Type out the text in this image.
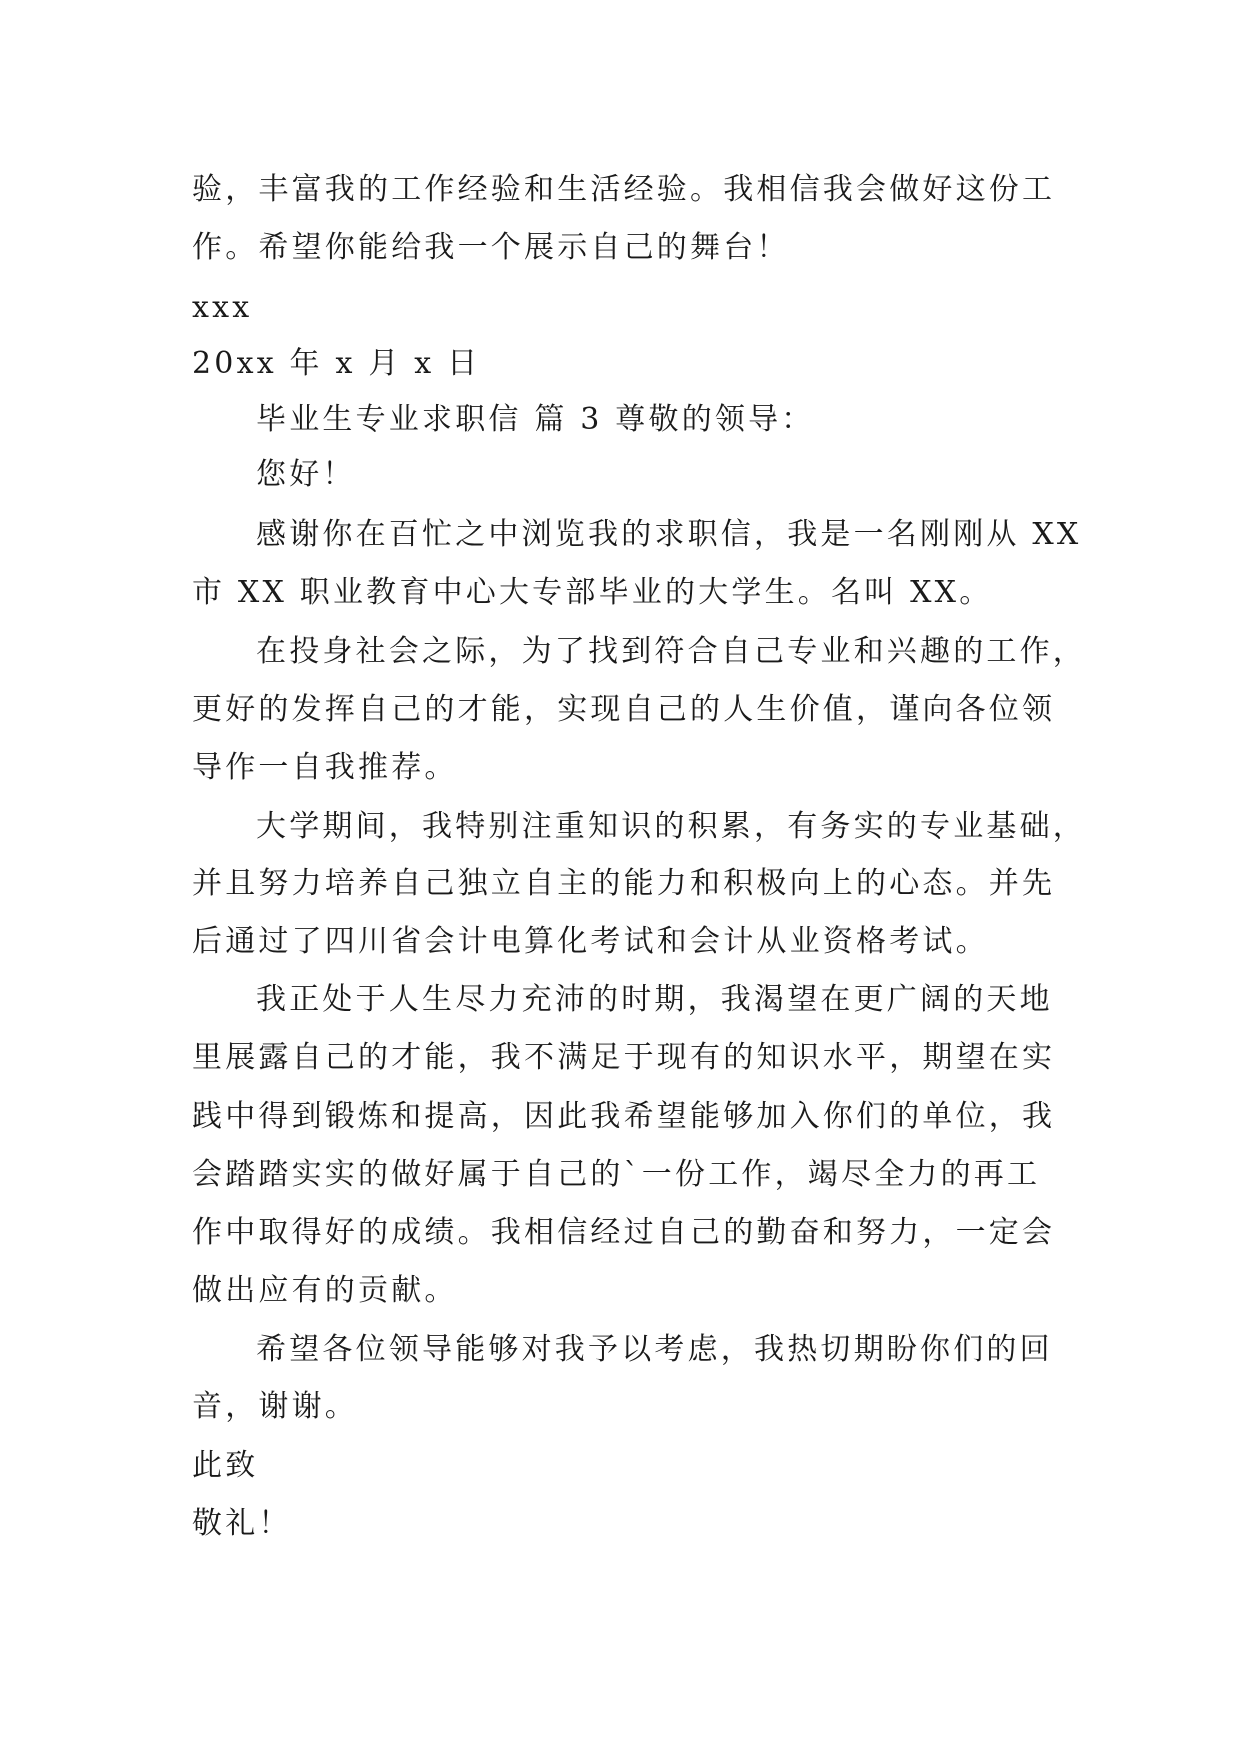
验，丰富我的工作经验和生活经验。我相信我会做好这份工
作。希望你能给我一个展示自己的舞台！
xxx
20xx 年 x 月 x 日
毕业生专业求职信 篇 3 尊敬的领导：
您好！
感谢你在百忙之中浏览我的求职信，我是一名刚刚从 XX
市 XX 职业教育中心大专部毕业的大学生。名叫 XX。
在投身社会之际，为了找到符合自己专业和兴趣的工作，
更好的发挥自己的才能，实现自己的人生价值，谨向各位领
导作一自我推荐。
大学期间，我特别注重知识的积累，有务实的专业基础，
并且努力培养自己独立自主的能力和积极向上的心态。并先
后通过了四川省会计电算化考试和会计从业资格考试。
我正处于人生尽力充沛的时期，我渴望在更广阔的天地
里展露自己的才能，我不满足于现有的知识水平，期望在实
践中得到锻炼和提高，因此我希望能够加入你们的单位，我
会踏踏实实的做好属于自己的`一份工作，竭尽全力的再工
作中取得好的成绩。我相信经过自己的勤奋和努力，一定会
做出应有的贡献。
希望各位领导能够对我予以考虑，我热切期盼你们的回
音，谢谢。
此致
敬礼！
